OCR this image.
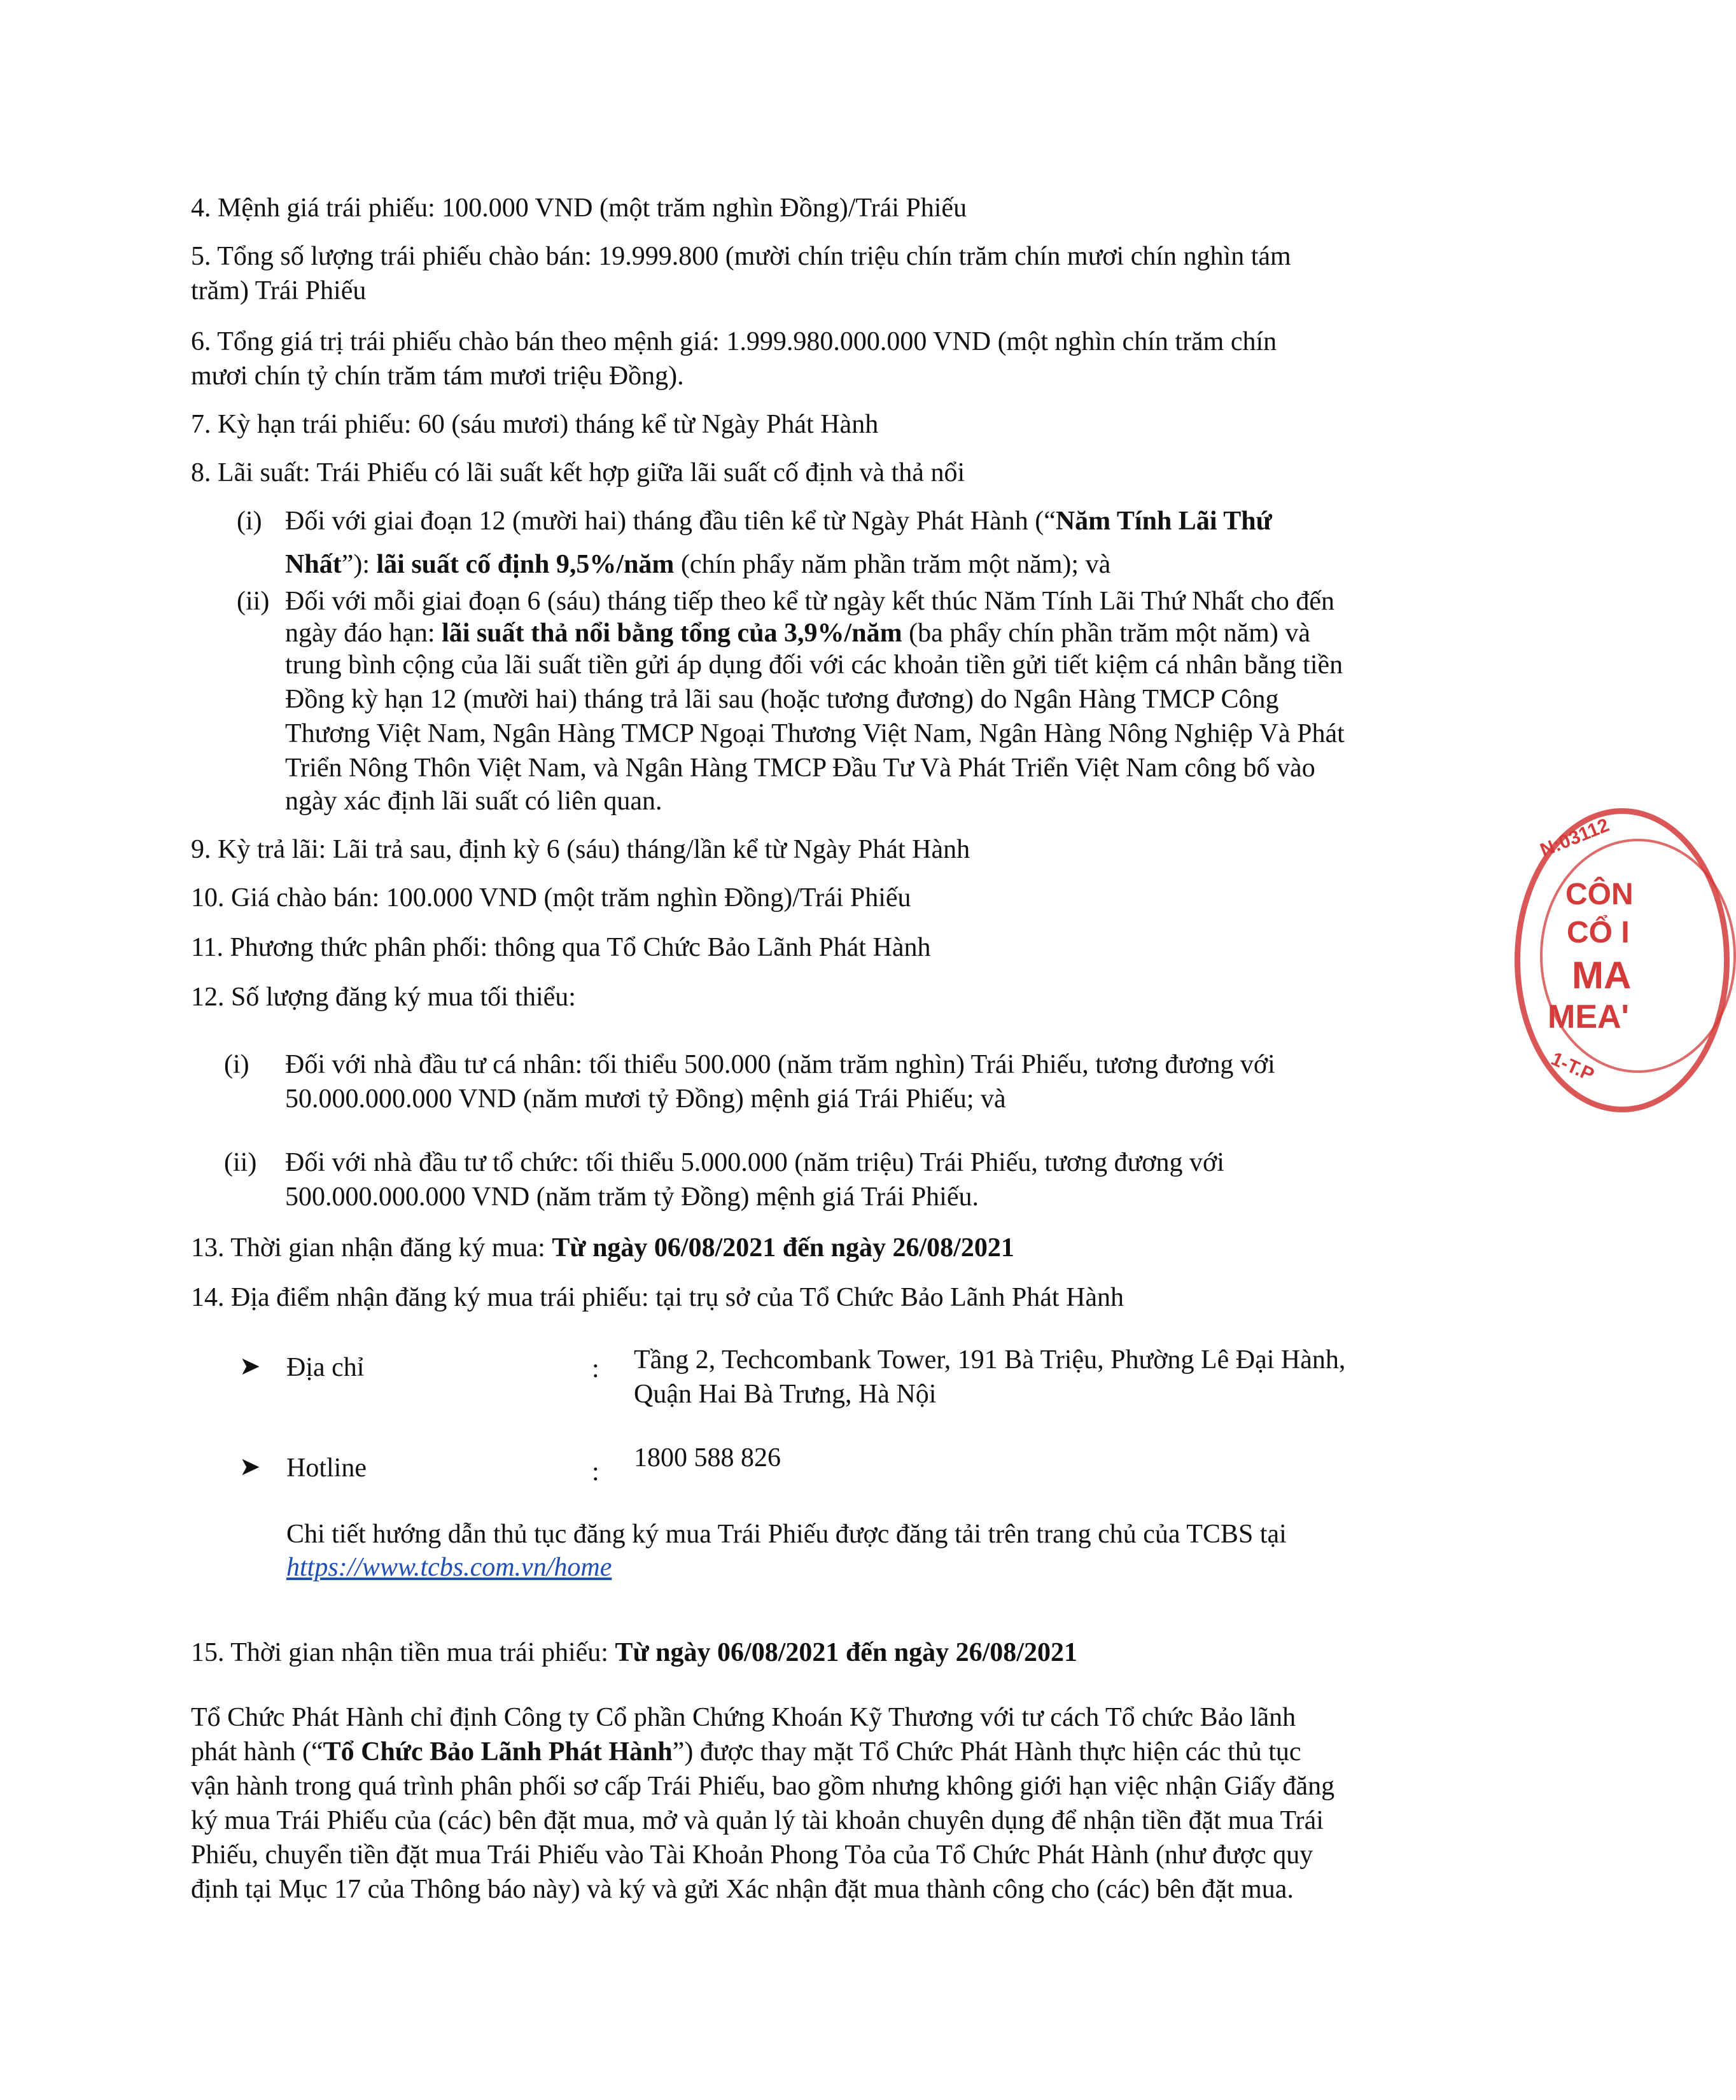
4. Mệnh giá trái phiếu: 100.000 VND (một trăm nghìn Đồng)/Trái Phiếu
5. Tổng số lượng trái phiếu chào bán: 19.999.800 (mười chín triệu chín trăm chín mươi chín nghìn tám
trăm) Trái Phiếu
6. Tổng giá trị trái phiếu chào bán theo mệnh giá: 1.999.980.000.000 VND (một nghìn chín trăm chín
mươi chín tỷ chín trăm tám mươi triệu Đồng).
7. Kỳ hạn trái phiếu: 60 (sáu mươi) tháng kể từ Ngày Phát Hành
8. Lãi suất: Trái Phiếu có lãi suất kết hợp giữa lãi suất cố định và thả nổi
(i) Đối với giai đoạn 12 (mười hai) tháng đầu tiên kể từ Ngày Phát Hành (“Năm Tính Lãi Thứ
Nhất”): lãi suất cố định 9,5%/năm (chín phẩy năm phần trăm một năm); và
(ii) Đối với mỗi giai đoạn 6 (sáu) tháng tiếp theo kể từ ngày kết thúc Năm Tính Lãi Thứ Nhất cho đến
ngày đáo hạn: lãi suất thả nổi bằng tổng của 3,9%/năm (ba phẩy chín phần trăm một năm) và
trung bình cộng của lãi suất tiền gửi áp dụng đối với các khoản tiền gửi tiết kiệm cá nhân bằng tiền
Đồng kỳ hạn 12 (mười hai) tháng trả lãi sau (hoặc tương đương) do Ngân Hàng TMCP Công
Thương Việt Nam, Ngân Hàng TMCP Ngoại Thương Việt Nam, Ngân Hàng Nông Nghiệp Và Phát
Triển Nông Thôn Việt Nam, và Ngân Hàng TMCP Đầu Tư Và Phát Triển Việt Nam công bố vào
ngày xác định lãi suất có liên quan.
9. Kỳ trả lãi: Lãi trả sau, định kỳ 6 (sáu) tháng/lần kể từ Ngày Phát Hành
10. Giá chào bán: 100.000 VND (một trăm nghìn Đồng)/Trái Phiếu
11. Phương thức phân phối: thông qua Tổ Chức Bảo Lãnh Phát Hành
12. Số lượng đăng ký mua tối thiểu:
(i) Đối với nhà đầu tư cá nhân: tối thiểu 500.000 (năm trăm nghìn) Trái Phiếu, tương đương với
50.000.000.000 VND (năm mươi tỷ Đồng) mệnh giá Trái Phiếu; và
(ii) Đối với nhà đầu tư tổ chức: tối thiểu 5.000.000 (năm triệu) Trái Phiếu, tương đương với
500.000.000.000 VND (năm trăm tỷ Đồng) mệnh giá Trái Phiếu.
13. Thời gian nhận đăng ký mua: Từ ngày 06/08/2021 đến ngày 26/08/2021
14. Địa điểm nhận đăng ký mua trái phiếu: tại trụ sở của Tổ Chức Bảo Lãnh Phát Hành
➤ Địa chỉ	: Tầng 2, Techcombank Tower, 191 Bà Triệu, Phường Lê Đại Hành,
Quận Hai Bà Trưng, Hà Nội
➤ Hotline	: 1800 588 826
Chi tiết hướng dẫn thủ tục đăng ký mua Trái Phiếu được đăng tải trên trang chủ của TCBS tại
https://www.tcbs.com.vn/home
15. Thời gian nhận tiền mua trái phiếu: Từ ngày 06/08/2021 đến ngày 26/08/2021
Tổ Chức Phát Hành chỉ định Công ty Cổ phần Chứng Khoán Kỹ Thương với tư cách Tổ chức Bảo lãnh
phát hành (“Tổ Chức Bảo Lãnh Phát Hành”) được thay mặt Tổ Chức Phát Hành thực hiện các thủ tục
vận hành trong quá trình phân phối sơ cấp Trái Phiếu, bao gồm nhưng không giới hạn việc nhận Giấy đăng
ký mua Trái Phiếu của (các) bên đặt mua, mở và quản lý tài khoản chuyên dụng để nhận tiền đặt mua Trái
Phiếu, chuyển tiền đặt mua Trái Phiếu vào Tài Khoản Phong Tỏa của Tổ Chức Phát Hành (như được quy
định tại Mục 17 của Thông báo này) và ký và gửi Xác nhận đặt mua thành công cho (các) bên đặt mua.
N:03112
CÔN
CỔ I
MA
MEA'
1-T.P
